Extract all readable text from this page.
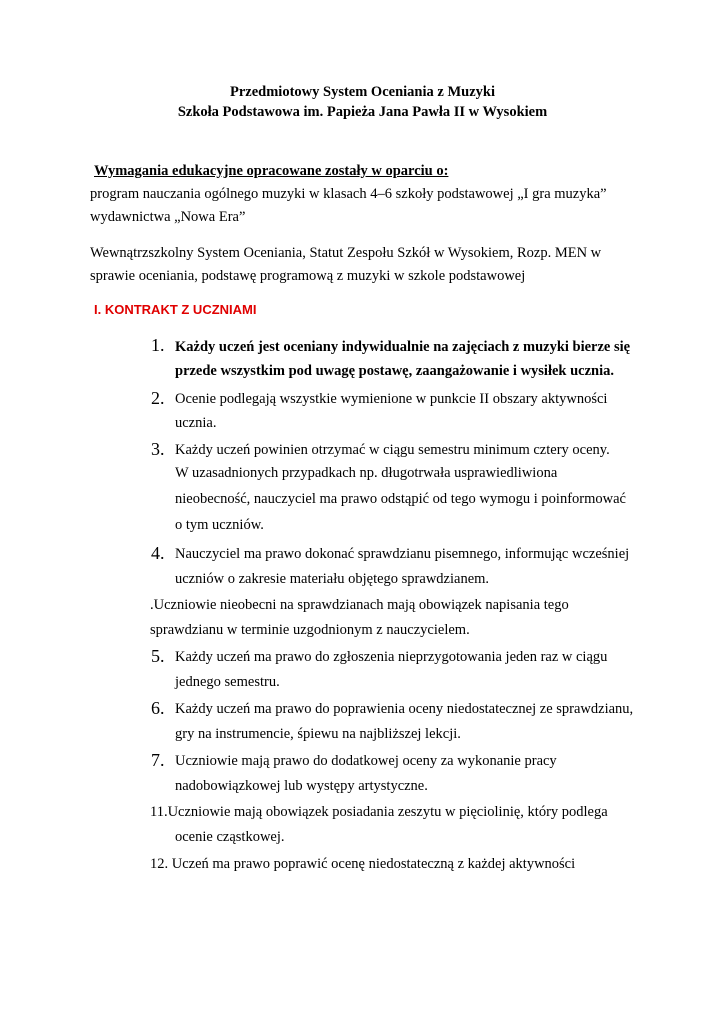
Przedmiotowy System Oceniania z Muzyki
Szkoła Podstawowa im. Papieża Jana Pawła II w Wysokiem
Wymagania edukacyjne opracowane zostały w oparciu o:
program nauczania ogólnego muzyki w klasach 4–6 szkoły podstawowej „I gra muzyka”
wydawnictwa „Nowa Era”
Wewnątrzszkolny System Oceniania, Statut Zespołu Szkół w Wysokiem, Rozp. MEN w
sprawie oceniania, podstawę programową z muzyki w szkole podstawowej
I. KONTRAKT Z UCZNIAMI
1. Każdy uczeń jest oceniany indywidualnie na zajęciach z muzyki bierze się
przede wszystkim pod uwagę postawę, zaangażowanie i wysiłek ucznia.
2. Ocenie podlegają wszystkie wymienione w punkcie II obszary aktywności
ucznia.
3. Każdy uczeń powinien otrzymać w ciągu semestru minimum cztery oceny.
W uzasadnionych przypadkach np. długotrwała usprawiedliwiona
nieobecność, nauczyciel ma prawo odstąpić od tego wymogu i poinformować
o tym uczniów.
4. Nauczyciel ma prawo dokonać sprawdzianu pisemnego, informując wcześniej
uczniów o zakresie materiału objętego sprawdzianem.
.Uczniowie nieobecni na sprawdzianach mają obowiązek napisania tego
sprawdzianu w terminie uzgodnionym z nauczycielem.
5. Każdy uczeń ma prawo do zgłoszenia nieprzygotowania jeden raz w ciągu
jednego semestru.
6. Każdy uczeń ma prawo do poprawienia oceny niedostatecznej ze sprawdzianu,
gry na instrumencie, śpiewu na najbliższej lekcji.
7. Uczniowie mają prawo do dodatkowej oceny za wykonanie pracy
nadobowiązkowej lub występy artystyczne.
11.Uczniowie mają obowiązek posiadania zeszytu w pięciolinię, który podlega
ocenie cząstkowej.
12. Uczeń ma prawo poprawić ocenę niedostateczną z każdej aktywności
